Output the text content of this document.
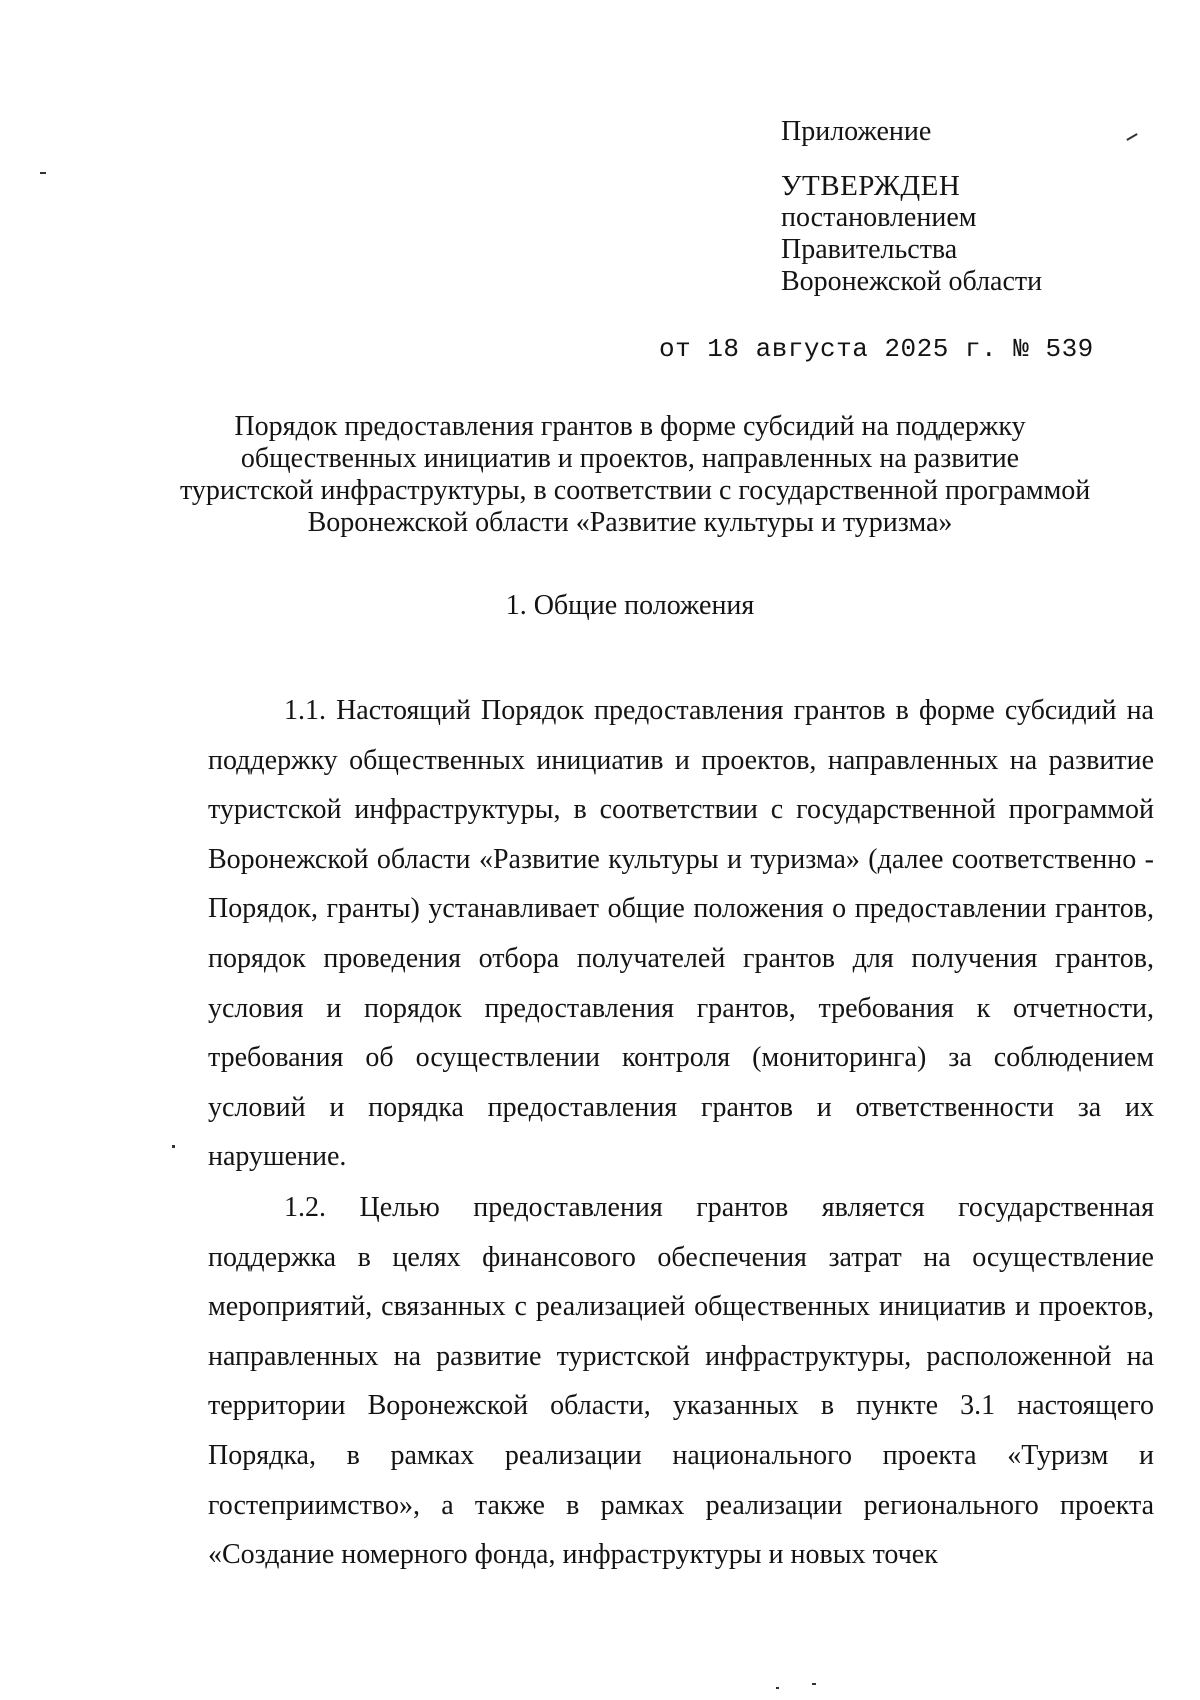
Приложение
УТВЕРЖДЕН
постановлением
Правительства
Воронежской области
от 18 августа 2025 г. № 539
Порядок предоставления грантов в форме субсидий на поддержку
общественных инициатив и проектов, направленных на развитие
туристской инфраструктуры, в соответствии с государственной программой
Воронежской области «Развитие культуры и туризма»
1. Общие положения

1.1. Настоящий Порядок предоставления грантов в форме субсидий на поддержку общественных инициатив и проектов, направленных на развитие туристской инфраструктуры, в соответствии с государственной программой Воронежской области «Развитие культуры и туризма» (далее соответственно - Порядок, гранты) устанавливает общие положения о предоставлении грантов, порядок проведения отбора получателей грантов для получения грантов, условия и порядок предоставления грантов, требования к отчетности, требования об осуществлении контроля (мониторинга) за соблюдением условий и порядка предоставления грантов и ответственности за их нарушение.

1.2. Целью предоставления грантов является государственная поддержка в целях финансового обеспечения затрат на осуществление мероприятий, связанных с реализацией общественных инициатив и проектов, направленных на развитие туристской инфраструктуры, расположенной на территории Воронежской области, указанных в пункте 3.1 настоящего Порядка, в рамках реализации национального проекта «Туризм и гостеприимство», а также в рамках реализации регионального проекта «Создание номерного фонда, инфраструктуры и новых точек
